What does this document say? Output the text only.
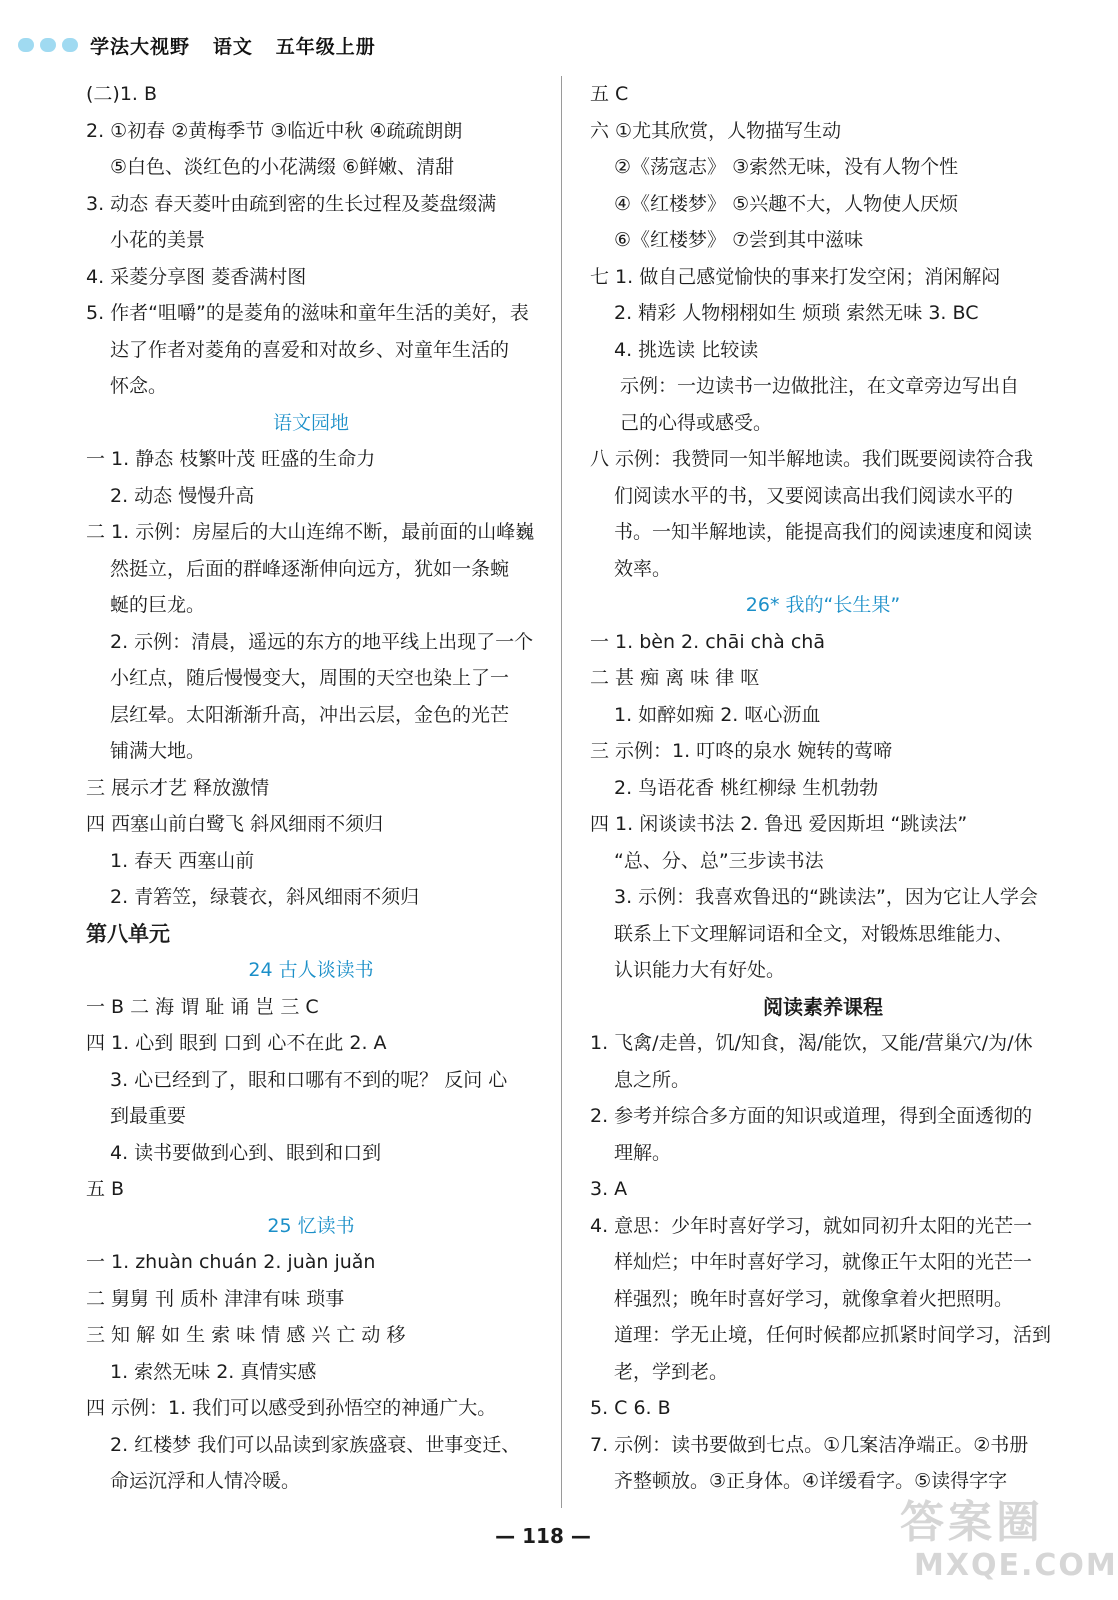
学法大视野   语文   五年级上册
(二)1. B
2. ①初春 ②黄梅季节 ③临近中秋 ④疏疏朗朗
⑤白色、淡红色的小花满缀 ⑥鲜嫩、清甜
3. 动态 春天菱叶由疏到密的生长过程及菱盘缀满
小花的美景
4. 采菱分享图 菱香满村图
5. 作者“咀嚼”的是菱角的滋味和童年生活的美好，表
达了作者对菱角的喜爱和对故乡、对童年生活的
怀念。
语文园地
一 1. 静态 枝繁叶茂 旺盛的生命力
2. 动态 慢慢升高
二 1. 示例：房屋后的大山连绵不断，最前面的山峰巍
然挺立，后面的群峰逐渐伸向远方，犹如一条蜿
蜒的巨龙。
2. 示例：清晨，遥远的东方的地平线上出现了一个
小红点，随后慢慢变大，周围的天空也染上了一
层红晕。太阳渐渐升高，冲出云层，金色的光芒
铺满大地。
三 展示才艺 释放激情
四 西塞山前白鹭飞 斜风细雨不须归
1. 春天 西塞山前
2. 青箬笠，绿蓑衣，斜风细雨不须归
第八单元
24 古人谈读书
一 B 二 海 谓 耻 诵 岂 三 C
四 1. 心到 眼到 口到 心不在此 2. A
3. 心已经到了，眼和口哪有不到的呢？ 反问 心
到最重要
4. 读书要做到心到、眼到和口到
五 B
25 忆读书
一 1. zhuàn chuán 2. juàn juǎn
二 舅舅 刊 质朴 津津有味 琐事
三 知 解 如 生 索 味 情 感 兴 亡 动 移
1. 索然无味 2. 真情实感
四 示例：1. 我们可以感受到孙悟空的神通广大。
2. 红楼梦 我们可以品读到家族盛衰、世事变迁、
命运沉浮和人情冷暖。
五 C
六 ①尤其欣赏，人物描写生动
②《荡寇志》 ③索然无味，没有人物个性
④《红楼梦》 ⑤兴趣不大，人物使人厌烦
⑥《红楼梦》 ⑦尝到其中滋味
七 1. 做自己感觉愉快的事来打发空闲；消闲解闷
2. 精彩 人物栩栩如生 烦琐 索然无味 3. BC
4. 挑选读 比较读
示例：一边读书一边做批注，在文章旁边写出自
己的心得或感受。
八 示例：我赞同一知半解地读。我们既要阅读符合我
们阅读水平的书，又要阅读高出我们阅读水平的
书。一知半解地读，能提高我们的阅读速度和阅读
效率。
26* 我的“长生果”
一 1. bèn 2. chāi chà chā
二 甚 痴 离 味 律 呕
1. 如醉如痴 2. 呕心沥血
三 示例：1. 叮咚的泉水 婉转的莺啼
2. 鸟语花香 桃红柳绿 生机勃勃
四 1. 闲谈读书法 2. 鲁迅 爱因斯坦 “跳读法”
“总、分、总”三步读书法
3. 示例：我喜欢鲁迅的“跳读法”，因为它让人学会
联系上下文理解词语和全文，对锻炼思维能力、
认识能力大有好处。
阅读素养课程
1. 飞禽/走兽，饥/知食，渴/能饮，又能/营巢穴/为/休
息之所。
2. 参考并综合多方面的知识或道理，得到全面透彻的
理解。
3. A
4. 意思：少年时喜好学习，就如同初升太阳的光芒一
样灿烂；中年时喜好学习，就像正午太阳的光芒一
样强烈；晚年时喜好学习，就像拿着火把照明。
道理：学无止境，任何时候都应抓紧时间学习，活到
老，学到老。
5. C 6. B
7. 示例：读书要做到七点。①几案洁净端正。②书册
齐整顿放。③正身体。④详缓看字。⑤读得字字
— 118 —	答案圈
MXQE.COM
